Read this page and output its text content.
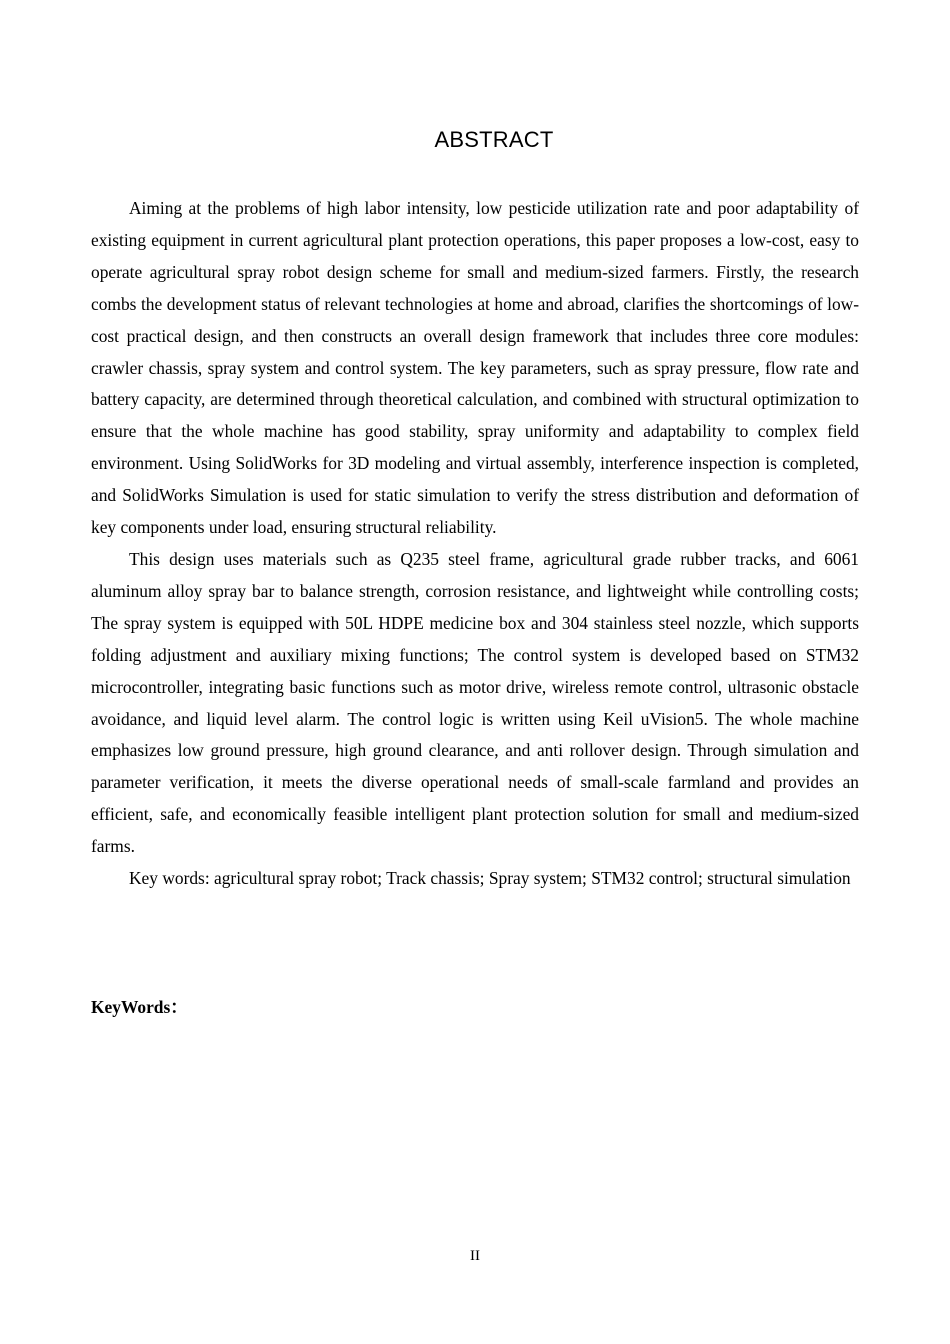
ABSTRACT

Aiming at the problems of high labor intensity, low pesticide utilization rate and poor adaptability of existing equipment in current agricultural plant protection operations, this paper proposes a low-cost, easy to operate agricultural spray robot design scheme for small and medium-sized farmers. Firstly, the research combs the development status of relevant technologies at home and abroad, clarifies the shortcomings of low-cost practical design, and then constructs an overall design framework that includes three core modules: crawler chassis, spray system and control system. The key parameters, such as spray pressure, flow rate and battery capacity, are determined through theoretical calculation, and combined with structural optimization to ensure that the whole machine has good stability, spray uniformity and adaptability to complex field environment. Using SolidWorks for 3D modeling and virtual assembly, interference inspection is completed, and SolidWorks Simulation is used for static simulation to verify the stress distribution and deformation of key components under load, ensuring structural reliability.

This design uses materials such as Q235 steel frame, agricultural grade rubber tracks, and 6061 aluminum alloy spray bar to balance strength, corrosion resistance, and lightweight while controlling costs; The spray system is equipped with 50L HDPE medicine box and 304 stainless steel nozzle, which supports folding adjustment and auxiliary mixing functions; The control system is developed based on STM32 microcontroller, integrating basic functions such as motor drive, wireless remote control, ultrasonic obstacle avoidance, and liquid level alarm. The control logic is written using Keil uVision5. The whole machine emphasizes low ground pressure, high ground clearance, and anti rollover design. Through simulation and parameter verification, it meets the diverse operational needs of small-scale farmland and provides an efficient, safe, and economically feasible intelligent plant protection solution for small and medium-sized farms.

Key words: agricultural spray robot; Track chassis; Spray system; STM32 control; structural simulation

KeyWords：
II
